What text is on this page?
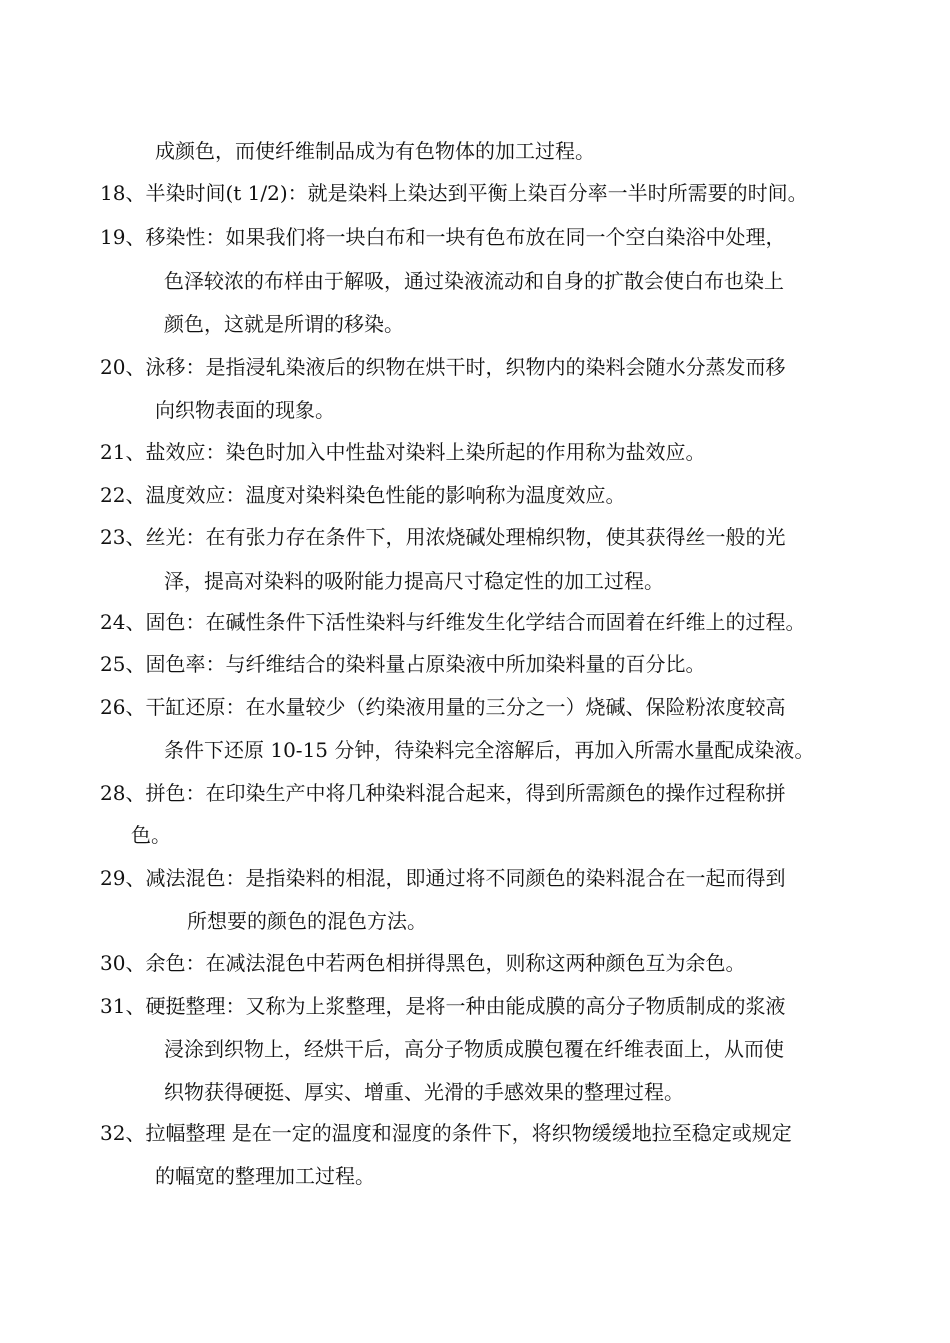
成颜色，而使纤维制品成为有色物体的加工过程。
18、半染时间(t 1/2)：就是染料上染达到平衡上染百分率一半时所需要的时间。
19、移染性：如果我们将一块白布和一块有色布放在同一个空白染浴中处理，
色泽较浓的布样由于解吸，通过染液流动和自身的扩散会使白布也染上
颜色，这就是所谓的移染。
20、泳移：是指浸轧染液后的织物在烘干时，织物内的染料会随水分蒸发而移
向织物表面的现象。
21、盐效应：染色时加入中性盐对染料上染所起的作用称为盐效应。
22、温度效应：温度对染料染色性能的影响称为温度效应。
23、丝光：在有张力存在条件下，用浓烧碱处理棉织物，使其获得丝一般的光
泽，提高对染料的吸附能力提高尺寸稳定性的加工过程。
24、固色：在碱性条件下活性染料与纤维发生化学结合而固着在纤维上的过程。
25、固色率：与纤维结合的染料量占原染液中所加染料量的百分比。
26、干缸还原：在水量较少（约染液用量的三分之一）烧碱、保险粉浓度较高
条件下还原 10-15 分钟，待染料完全溶解后，再加入所需水量配成染液。
28、拼色：在印染生产中将几种染料混合起来，得到所需颜色的操作过程称拼
色。
29、减法混色：是指染料的相混，即通过将不同颜色的染料混合在一起而得到
所想要的颜色的混色方法。
30、余色：在减法混色中若两色相拼得黑色，则称这两种颜色互为余色。
31、硬挺整理：又称为上浆整理，是将一种由能成膜的高分子物质制成的浆液
浸涂到织物上，经烘干后，高分子物质成膜包覆在纤维表面上，从而使
织物获得硬挺、厚实、增重、光滑的手感效果的整理过程。
32、拉幅整理 是在一定的温度和湿度的条件下，将织物缓缓地拉至稳定或规定
的幅宽的整理加工过程。
